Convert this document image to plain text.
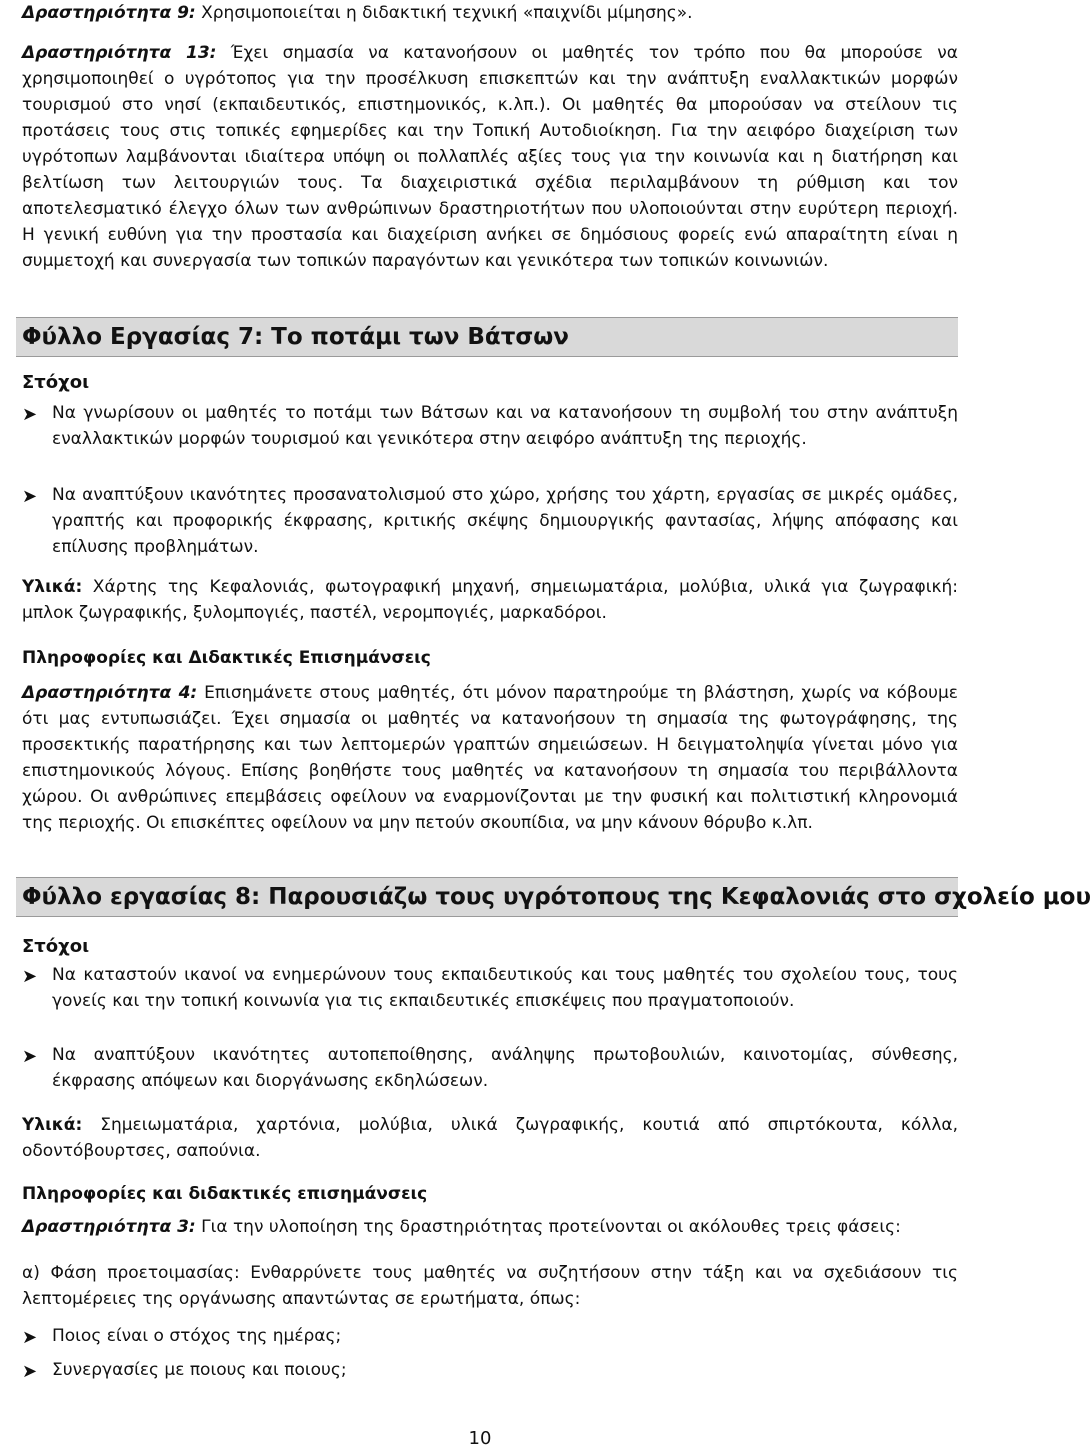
Δραστηριότητα 9: Χρησιμοποιείται η διδακτική τεχνική «παιχνίδι μίμησης».

Δραστηριότητα 13: Έχει σημασία να κατανοήσουν οι μαθητές τον τρόπο που θα μπορούσε να χρησιμοποιηθεί ο υγρότοπος για την προσέλκυση επισκεπτών και την ανάπτυξη εναλλακτικών μορφών τουρισμού στο νησί (εκπαιδευτικός, επιστημονικός, κ.λπ.). Οι μαθητές θα μπορούσαν να στείλουν τις προτάσεις τους στις τοπικές εφημερίδες και την Τοπική Αυτοδιοίκηση. Για την αειφόρο διαχείριση των υγρότοπων λαμβάνονται ιδιαίτερα υπόψη οι πολλαπλές αξίες τους για την κοινωνία και η διατήρηση και βελτίωση των λειτουργιών τους. Τα διαχειριστικά σχέδια περιλαμβάνουν τη ρύθμιση και τον αποτελεσματικό έλεγχο όλων των ανθρώπινων δραστηριοτήτων που υλοποιούνται στην ευρύτερη περιοχή. Η γενική ευθύνη για την προστασία και διαχείριση ανήκει σε δημόσιους φορείς ενώ απαραίτητη είναι η συμμετοχή και συνεργασία των τοπικών παραγόντων και γενικότερα των τοπικών κοινωνιών.

Φύλλο Εργασίας 7: Το ποτάμι των Βάτσων
Στόχοι
➤ Να γνωρίσουν οι μαθητές το ποτάμι των Βάτσων και να κατανοήσουν τη συμβολή του στην ανάπτυξη εναλλακτικών μορφών τουρισμού και γενικότερα στην αειφόρο ανάπτυξη της περιοχής.

➤ Να αναπτύξουν ικανότητες προσανατολισμού στο χώρο, χρήσης του χάρτη, εργασίας σε μικρές ομάδες, γραπτής και προφορικής έκφρασης, κριτικής σκέψης δημιουργικής φαντασίας, λήψης απόφασης και επίλυσης προβλημάτων.

Υλικά: Χάρτης της Κεφαλονιάς, φωτογραφική μηχανή, σημειωματάρια, μολύβια, υλικά για ζωγραφική: μπλοκ ζωγραφικής, ξυλομπογιές, παστέλ, νερομπογιές, μαρκαδόροι.

Πληροφορίες και Διδακτικές Επισημάνσεις

Δραστηριότητα 4: Επισημάνετε στους μαθητές, ότι μόνον παρατηρούμε τη βλάστηση, χωρίς να κόβουμε ότι μας εντυπωσιάζει. Έχει σημασία οι μαθητές να κατανοήσουν τη σημασία της φωτογράφησης, της προσεκτικής παρατήρησης και των λεπτομερών γραπτών σημειώσεων. Η δειγματοληψία γίνεται μόνο για επιστημονικούς λόγους. Επίσης βοηθήστε τους μαθητές να κατανοήσουν τη σημασία του περιβάλλοντα χώρου. Οι ανθρώπινες επεμβάσεις οφείλουν να εναρμονίζονται με την φυσική και πολιτιστική κληρονομιά της περιοχής. Οι επισκέπτες οφείλουν να μην πετούν σκουπίδια, να μην κάνουν θόρυβο κ.λπ.

Φύλλο εργασίας 8: Παρουσιάζω τους υγρότοπους της Κεφαλονιάς στο σχολείο μου
Στόχοι
➤ Να καταστούν ικανοί να ενημερώνουν τους εκπαιδευτικούς και τους μαθητές του σχολείου τους, τους γονείς και την τοπική κοινωνία για τις εκπαιδευτικές επισκέψεις που πραγματοποιούν.

➤ Να αναπτύξουν ικανότητες αυτοπεποίθησης, ανάληψης πρωτοβουλιών, καινοτομίας, σύνθεσης, έκφρασης απόψεων και διοργάνωσης εκδηλώσεων.

Υλικά: Σημειωματάρια, χαρτόνια, μολύβια, υλικά ζωγραφικής, κουτιά από σπιρτόκουτα, κόλλα, οδοντόβουρτσες, σαπούνια.

Πληροφορίες και διδακτικές επισημάνσεις

Δραστηριότητα 3: Για την υλοποίηση της δραστηριότητας προτείνονται οι ακόλουθες τρεις φάσεις:

α) Φάση προετοιμασίας: Ενθαρρύνετε τους μαθητές να συζητήσουν στην τάξη και να σχεδιάσουν τις λεπτομέρειες της οργάνωσης απαντώντας σε ερωτήματα, όπως:

➤ Ποιος είναι ο στόχος της ημέρας;

➤ Συνεργασίες με ποιους και ποιους;

10
